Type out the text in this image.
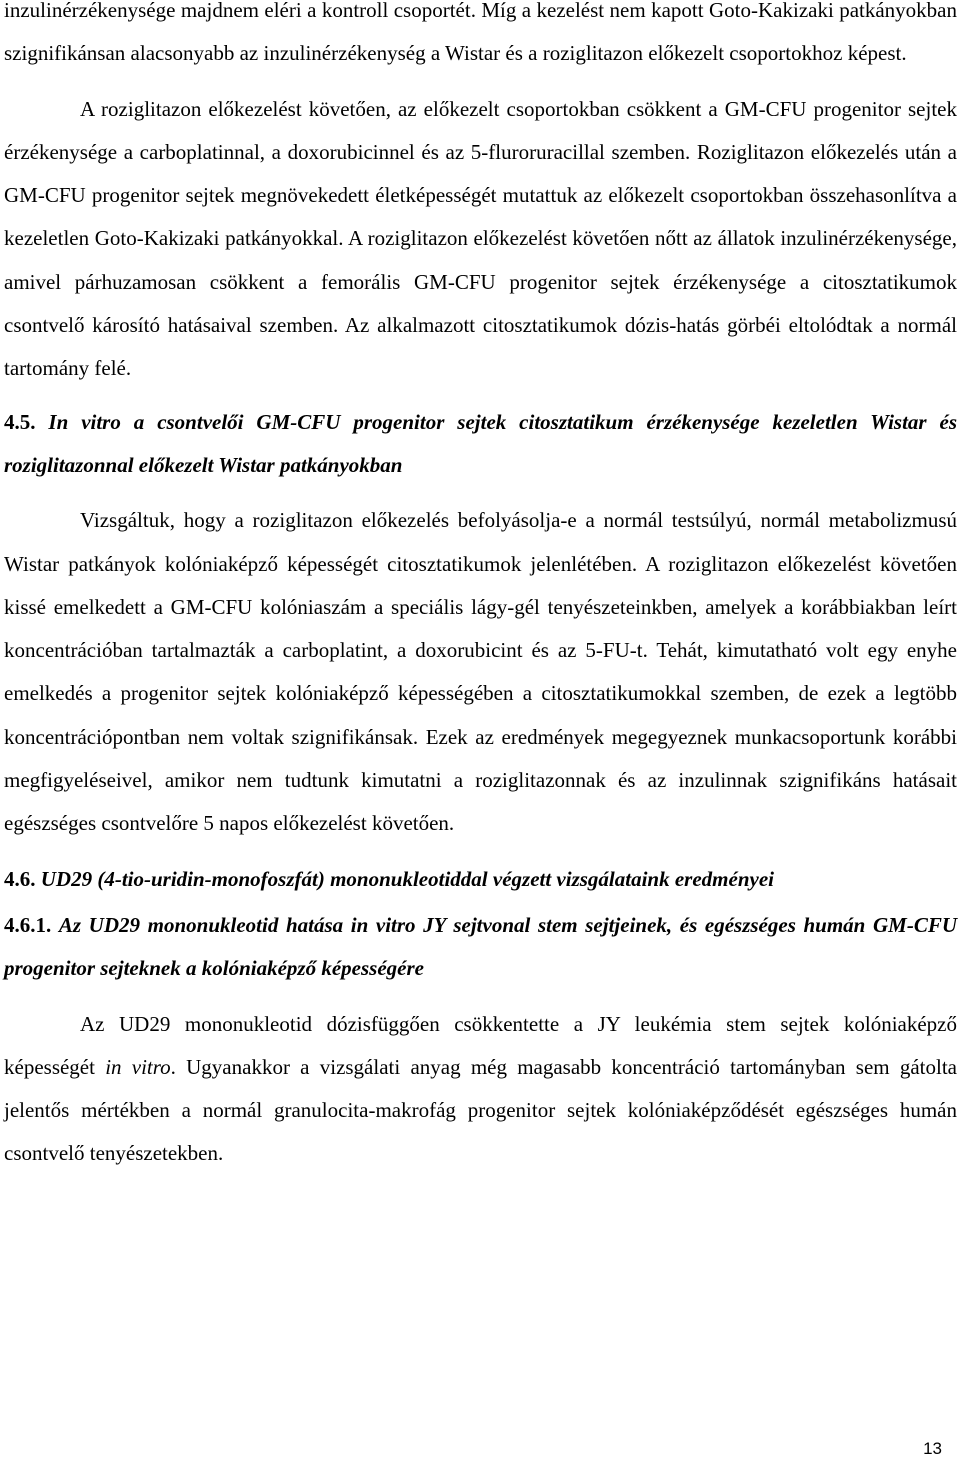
inzulinérzékenysége majdnem eléri a kontroll csoportét. Míg a kezelést nem kapott Goto-Kakizaki patkányokban szignifikánsan alacsonyabb az inzulinérzékenység a Wistar és a roziglitazon előkezelt csoportokhoz képest.

A roziglitazon előkezelést követően, az előkezelt csoportokban csökkent a GM-CFU progenitor sejtek érzékenysége a carboplatinnal, a doxorubicinnel és az 5-fluroruracillal szemben. Roziglitazon előkezelés után a GM-CFU progenitor sejtek megnövekedett életképességét mutattuk az előkezelt csoportokban összehasonlítva a kezeletlen Goto-Kakizaki patkányokkal. A roziglitazon előkezelést követően nőtt az állatok inzulinérzékenysége, amivel párhuzamosan csökkent a femorális GM-CFU progenitor sejtek érzékenysége a citosztatikumok csontvelő károsító hatásaival szemben. Az alkalmazott citosztatikumok dózis-hatás görbéi eltolódtak a normál tartomány felé.

4.5. In vitro a csontvelői GM-CFU progenitor sejtek citosztatikum érzékenysége kezeletlen Wistar és roziglitazonnal előkezelt Wistar patkányokban

Vizsgáltuk, hogy a roziglitazon előkezelés befolyásolja-e a normál testsúlyú, normál metabolizmusú Wistar patkányok kolóniaképző képességét citosztatikumok jelenlétében. A roziglitazon előkezelést követően kissé emelkedett a GM-CFU kolóniaszám a speciális lágy-gél tenyészeteinkben, amelyek a korábbiakban leírt koncentrációban tartalmazták a carboplatint, a doxorubicint és az 5-FU-t. Tehát, kimutatható volt egy enyhe emelkedés a progenitor sejtek kolóniaképző képességében a citosztatikumokkal szemben, de ezek a legtöbb koncentrációpontban nem voltak szignifikánsak. Ezek az eredmények megegyeznek munkacsoportunk korábbi megfigyeléseivel, amikor nem tudtunk kimutatni a roziglitazonnak és az inzulinnak szignifikáns hatásait egészséges csontvelőre 5 napos előkezelést követően.

4.6. UD29 (4-tio-uridin-monofoszfát) mononukleotiddal végzett vizsgálataink eredményei

4.6.1. Az UD29 mononukleotid hatása in vitro JY sejtvonal stem sejtjeinek, és egészséges humán GM-CFU progenitor sejteknek a kolóniaképző képességére

Az UD29 mononukleotid dózisfüggően csökkentette a JY leukémia stem sejtek kolóniaképző képességét in vitro. Ugyanakkor a vizsgálati anyag még magasabb koncentráció tartományban sem gátolta jelentős mértékben a normál granulocita-makrofág progenitor sejtek kolóniaképződését egészséges humán csontvelő tenyészetekben.

13
